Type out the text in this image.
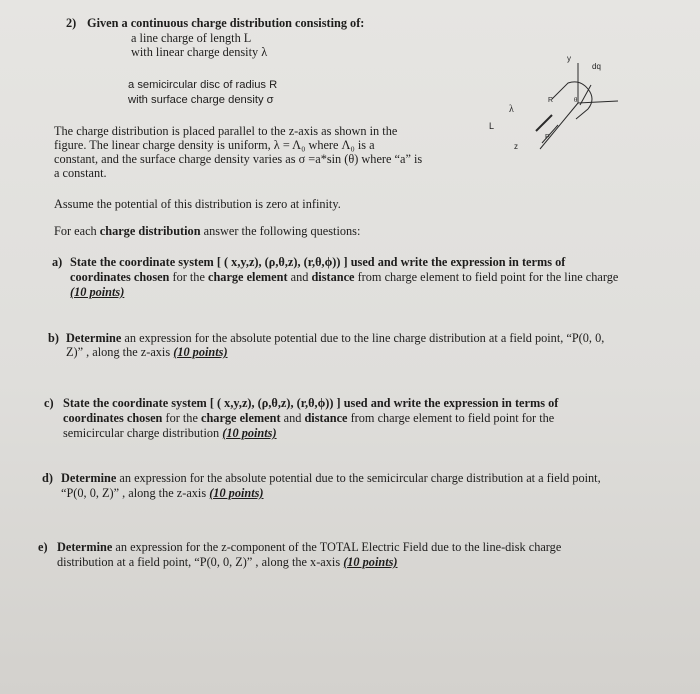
2) Given a continuous charge distribution consisting of:
a line charge of length L
with linear charge density λ
a semicircular disc of radius R
with surface charge density σ
The charge distribution is placed parallel to the z-axis as shown in the
figure. The linear charge density is uniform, λ = Λ₀ where Λ₀ is a
constant, and the surface charge density varies as σ =a*sin (θ) where “a” is
a constant.
Assume the potential of this distribution is zero at infinity.
For each charge distribution answer the following questions:
y
dq
λ
R	θ
L
z
P
a) State the coordinate system [ ( x,y,z), (ρ,θ,z), (r,θ,ϕ)) ] used and write the expression in terms of
coordinates chosen for the charge element and distance from charge element to field point for the line charge
(10 points)
b) Determine an expression for the absolute potential due to the line charge distribution at a field point, “P(0, 0,
Z)” , along the z-axis (10 points)
c) State the coordinate system [ ( x,y,z), (ρ,θ,z), (r,θ,ϕ)) ] used and write the expression in terms of
coordinates chosen for the charge element and distance from charge element to field point for the
semicircular charge distribution (10 points)
d) Determine an expression for the absolute potential due to the semicircular charge distribution at a field point,
“P(0, 0, Z)” , along the z-axis (10 points)
e) Determine an expression for the z-component of the TOTAL Electric Field due to the line-disk charge
distribution at a field point, “P(0, 0, Z)” , along the x-axis (10 points)
